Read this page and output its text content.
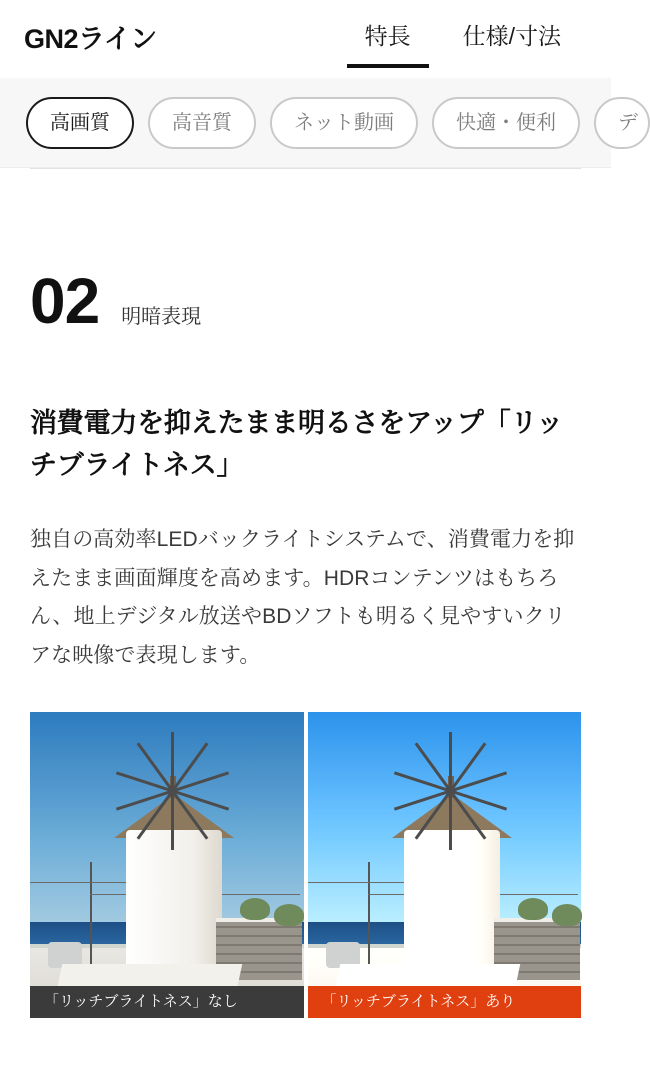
GN2ライン	特長	仕様/寸法
高画質	高音質	ネット動画	快適・便利	デ
02 明暗表現
消費電力を抑えたまま明るさをアップ「リッチブライトネス」

独自の高効率LEDバックライトシステムで、消費電力を抑えたまま画面輝度を高めます。HDRコンテンツはもちろん、地上デジタル放送やBDソフトも明るく見やすいクリアな映像で表現します。

「リッチブライトネス」なし	「リッチブライトネス」あり
